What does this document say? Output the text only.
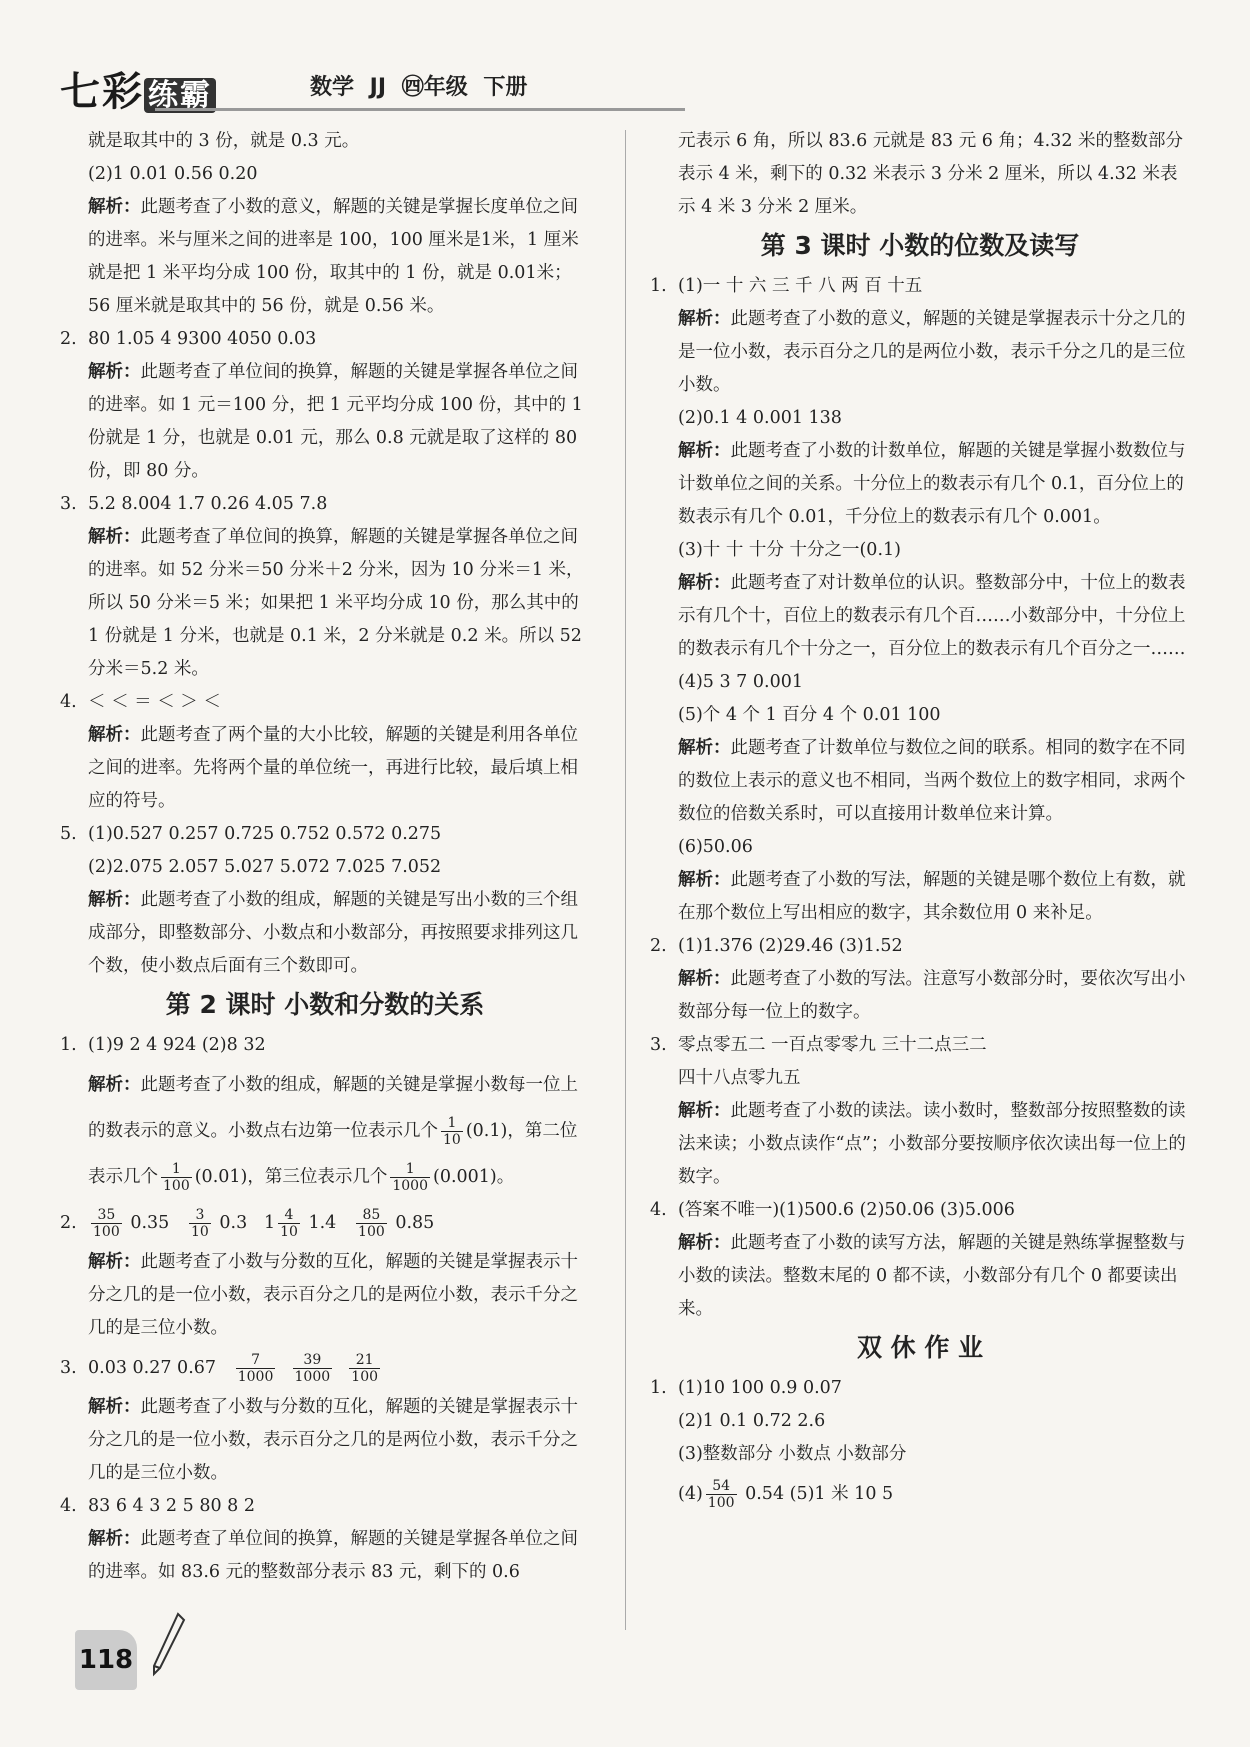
七彩 练霸	数学 JJ ㊃年级 下册

就是取其中的 3 份，就是 0.3 元。

(2)1 0.01 0.56 0.20

解析：此题考查了小数的意义，解题的关键是掌握长度单位之间的进率。米与厘米之间的进率是 100，100 厘米是1米，1 厘米就是把 1 米平均分成 100 份，取其中的 1 份，就是 0.01米；56 厘米就是取其中的 56 份，就是 0.56 米。

2. 80 1.05 4 9300 4050 0.03

解析：此题考查了单位间的换算，解题的关键是掌握各单位之间的进率。如 1 元＝100 分，把 1 元平均分成 100 份，其中的 1 份就是 1 分，也就是 0.01 元，那么 0.8 元就是取了这样的 80 份，即 80 分。

3. 5.2 8.004 1.7 0.26 4.05 7.8

解析：此题考查了单位间的换算，解题的关键是掌握各单位之间的进率。如 52 分米＝50 分米＋2 分米，因为 10 分米＝1 米，所以 50 分米＝5 米；如果把 1 米平均分成 10 份，那么其中的 1 份就是 1 分米，也就是 0.1 米，2 分米就是 0.2 米。所以 52 分米＝5.2 米。

4. ＜ ＜ ＝ ＜ ＞ ＜

解析：此题考查了两个量的大小比较，解题的关键是利用各单位之间的进率。先将两个量的单位统一，再进行比较，最后填上相应的符号。

5. (1)0.527 0.257 0.725 0.752 0.572 0.275

(2)2.075 2.057 5.027 5.072 7.025 7.052

解析：此题考查了小数的组成，解题的关键是写出小数的三个组成部分，即整数部分、小数点和小数部分，再按照要求排列这几个数，使小数点后面有三个数即可。

第 2 课时 小数和分数的关系

1. (1)9 2 4 924 (2)8 32

解析：此题考查了小数的组成，解题的关键是掌握小数每一位上的数表示的意义。小数点右边第一位表示几个 $\frac{1}{10} (0.1)$，第二位表示几个 $\frac{1}{100} (0.01)$，第三位表示几个 $\frac{1}{1000} (0.001)$。

2. $\frac{35}{100} 0.35 \frac{3}{10} 0.3$ $1 \frac{4}{10} 1.4 \frac{85}{100} 0.85$

解析：此题考查了小数与分数的互化，解题的关键是掌握表示十分之几的是一位小数，表示百分之几的是两位小数，表示千分之几的是三位小数。

3. 0.03 0.27 $0.67 \frac{7}{1000}$
$\frac{39}{1000}$
$\frac{21}{100}$

解析：此题考查了小数与分数的互化，解题的关键是掌握表示十分之几的是一位小数，表示百分之几的是两位小数，表示千分之几的是三位小数。

4. 83 6 4 3 2 5 80 8 2

解析：此题考查了单位间的换算，解题的关键是掌握各单位之间的进率。如 83.6 元的整数部分表示 83 元，剩下的 0.6

元表示 6 角，所以 83.6 元就是 83 元 6 角；4.32 米的整数部分表示 4 米，剩下的 0.32 米表示 3 分米 2 厘米，所以 4.32 米表示 4 米 3 分米 2 厘米。

第 3 课时 小数的位数及读写

1. (1)一 十 六 三 千 八 两 百 十五

解析：此题考查了小数的意义，解题的关键是掌握表示十分之几的是一位小数，表示百分之几的是两位小数，表示千分之几的是三位小数。

(2)0.1 4 0.001 138

解析：此题考查了小数的计数单位，解题的关键是掌握小数数位与计数单位之间的关系。十分位上的数表示有几个 0.1，百分位上的数表示有几个 0.01，千分位上的数表示有几个 0.001。

(3)十 十 十分 十分之一(0.1)

解析：此题考查了对计数单位的认识。整数部分中，十位上的数表示有几个十，百位上的数表示有几个百……小数部分中，十分位上的数表示有几个十分之一，百分位上的数表示有几个百分之一……

(4)5 3 7 0.001

(5)个 4 个 1 百分 4 个 0.01 100

解析：此题考查了计数单位与数位之间的联系。相同的数字在不同的数位上表示的意义也不相同，当两个数位上的数字相同，求两个数位的倍数关系时，可以直接用计数单位来计算。

(6)50.06

解析：此题考查了小数的写法，解题的关键是哪个数位上有数，就在那个数位上写出相应的数字，其余数位用 0 来补足。

2. (1)1.376 (2)29.46 (3)1.52

解析：此题考查了小数的写法。注意写小数部分时，要依次写出小数部分每一位上的数字。

3. 零点零五二 一百点零零九 三十二点三二

四十八点零九五

解析：此题考查了小数的读法。读小数时，整数部分按照整数的读法来读；小数点读作“点”；小数部分要按顺序依次读出每一位上的数字。

4. (答案不唯一)(1)500.6 (2)50.06 (3)5.006

解析：此题考查了小数的读写方法，解题的关键是熟练掌握整数与小数的读法。整数末尾的 0 都不读，小数部分有几个 0 都要读出来。

双 休 作 业

1. (1)10 100 0.9 0.07

(2)1 0.1 0.72 2.6

(3)整数部分 小数点 小数部分

$(4) \frac{54}{100} 0.54$ (5)1 米 10 5

118
